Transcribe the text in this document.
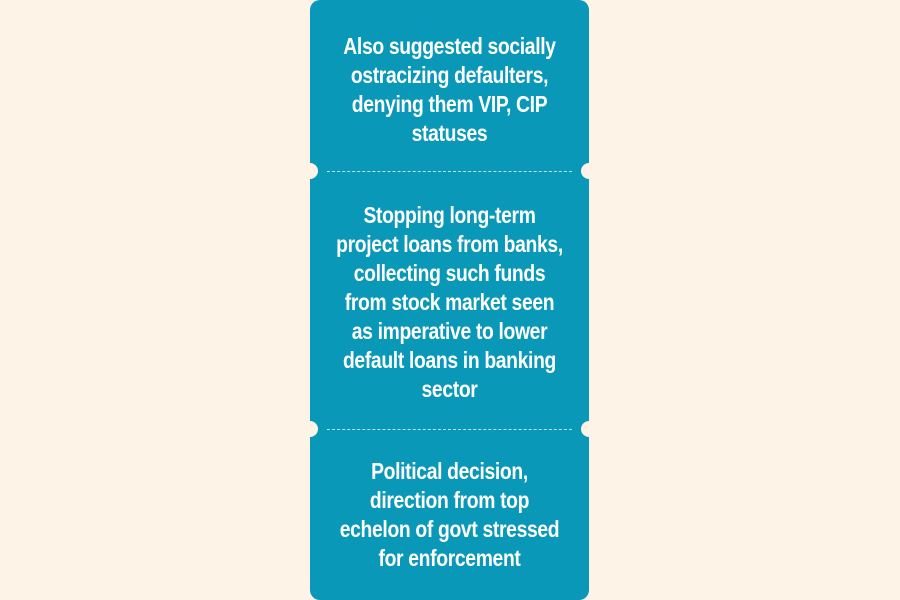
Also suggested socially ostracizing defaulters, denying them VIP, CIP statuses
Stopping long-term project loans from banks, collecting such funds from stock market seen as imperative to lower default loans in banking sector
Political decision, direction from top echelon of govt stressed for enforcement
